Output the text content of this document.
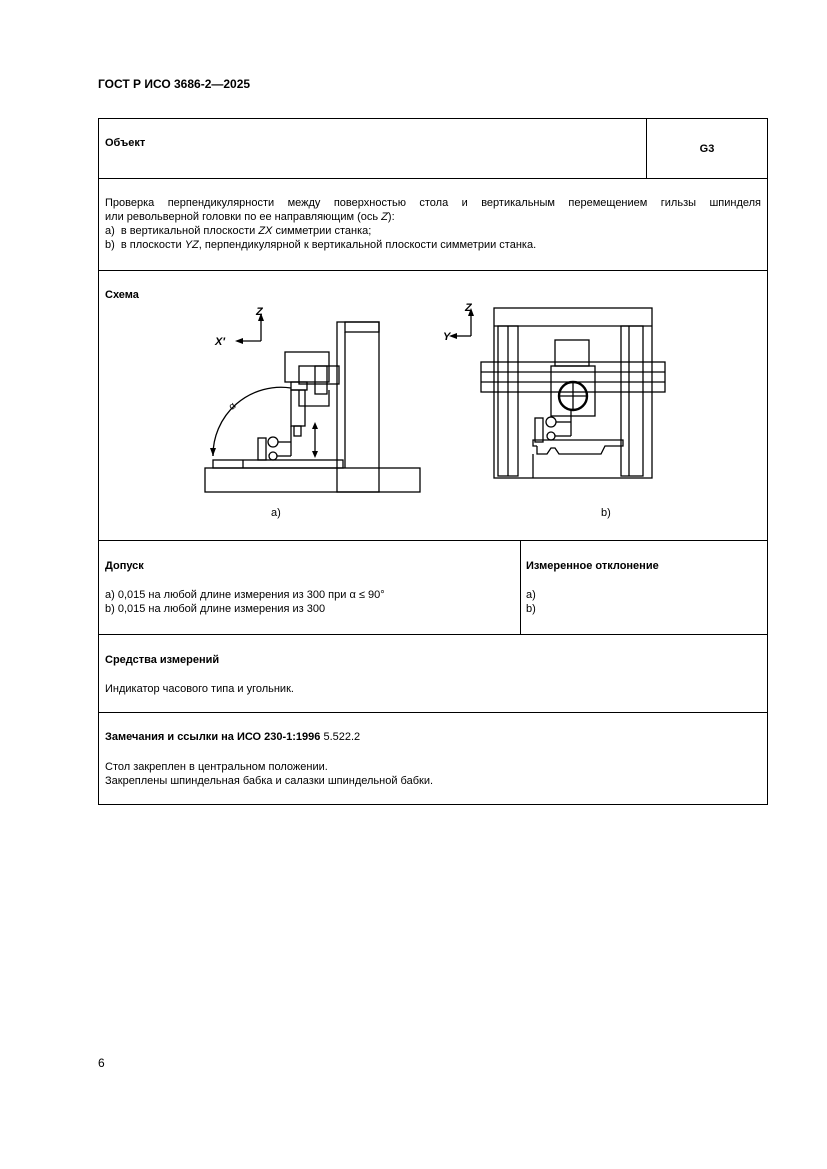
ГОСТ Р ИСО 3686-2—2025
Объект	G3
Проверка перпендикулярности между поверхностью стола и вертикальным перемещением гильзы шпинделя
или револьверной головки по ее направляющим (ось Z):
a) в вертикальной плоскости ZX симметрии станка;
b) в плоскости YZ, перпендикулярной к вертикальной плоскости симметрии станка.
Схема
Z
X′
α
Z
Y
a)	b)
Допуск
a) 0,015 на любой длине измерения из 300 при α ≤ 90°
b) 0,015 на любой длине измерения из 300
Измеренное отклонение
a)
b)
Средства измерений
Индикатор часового типа и угольник.
Замечания и ссылки на ИСО 230-1:1996 5.522.2
Стол закреплен в центральном положении.
Закреплены шпиндельная бабка и салазки шпиндельной бабки.
6
